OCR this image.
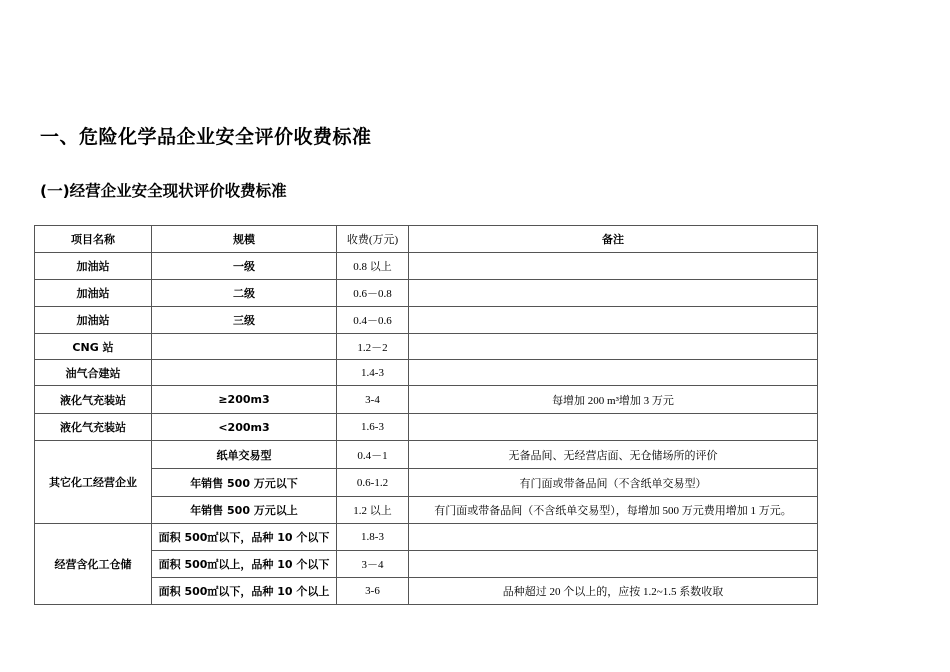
一、危险化学品企业安全评价收费标准
(一)经营企业安全现状评价收费标准
项目名称	规模	收费(万元)	备注
加油站	一级	0.8 以上	
加油站	二级	0.6－0.8	
加油站	三级	0.4－0.6	
CNG 站		1.2－2	
油气合建站		1.4-3	
液化气充装站	≥200m3	3-4	每增加 200 m³增加 3 万元
液化气充装站	<200m3	1.6-3	
其它化工经营企业	纸单交易型	0.4－1	无备品间、无经营店面、无仓储场所的评价
	年销售 500 万元以下	0.6-1.2	有门面或带备品间（不含纸单交易型）
	年销售 500 万元以上	1.2 以上	有门面或带备品间（不含纸单交易型），每增加 500 万元费用增加 1 万元。
经营含化工仓储	面积 500㎡以下，品种 10 个以下	1.8-3	
	面积 500㎡以上，品种 10 个以下	3－4	
	面积 500㎡以下，品种 10 个以上	3-6	品种超过 20 个以上的，应按 1.2~1.5 系数收取
